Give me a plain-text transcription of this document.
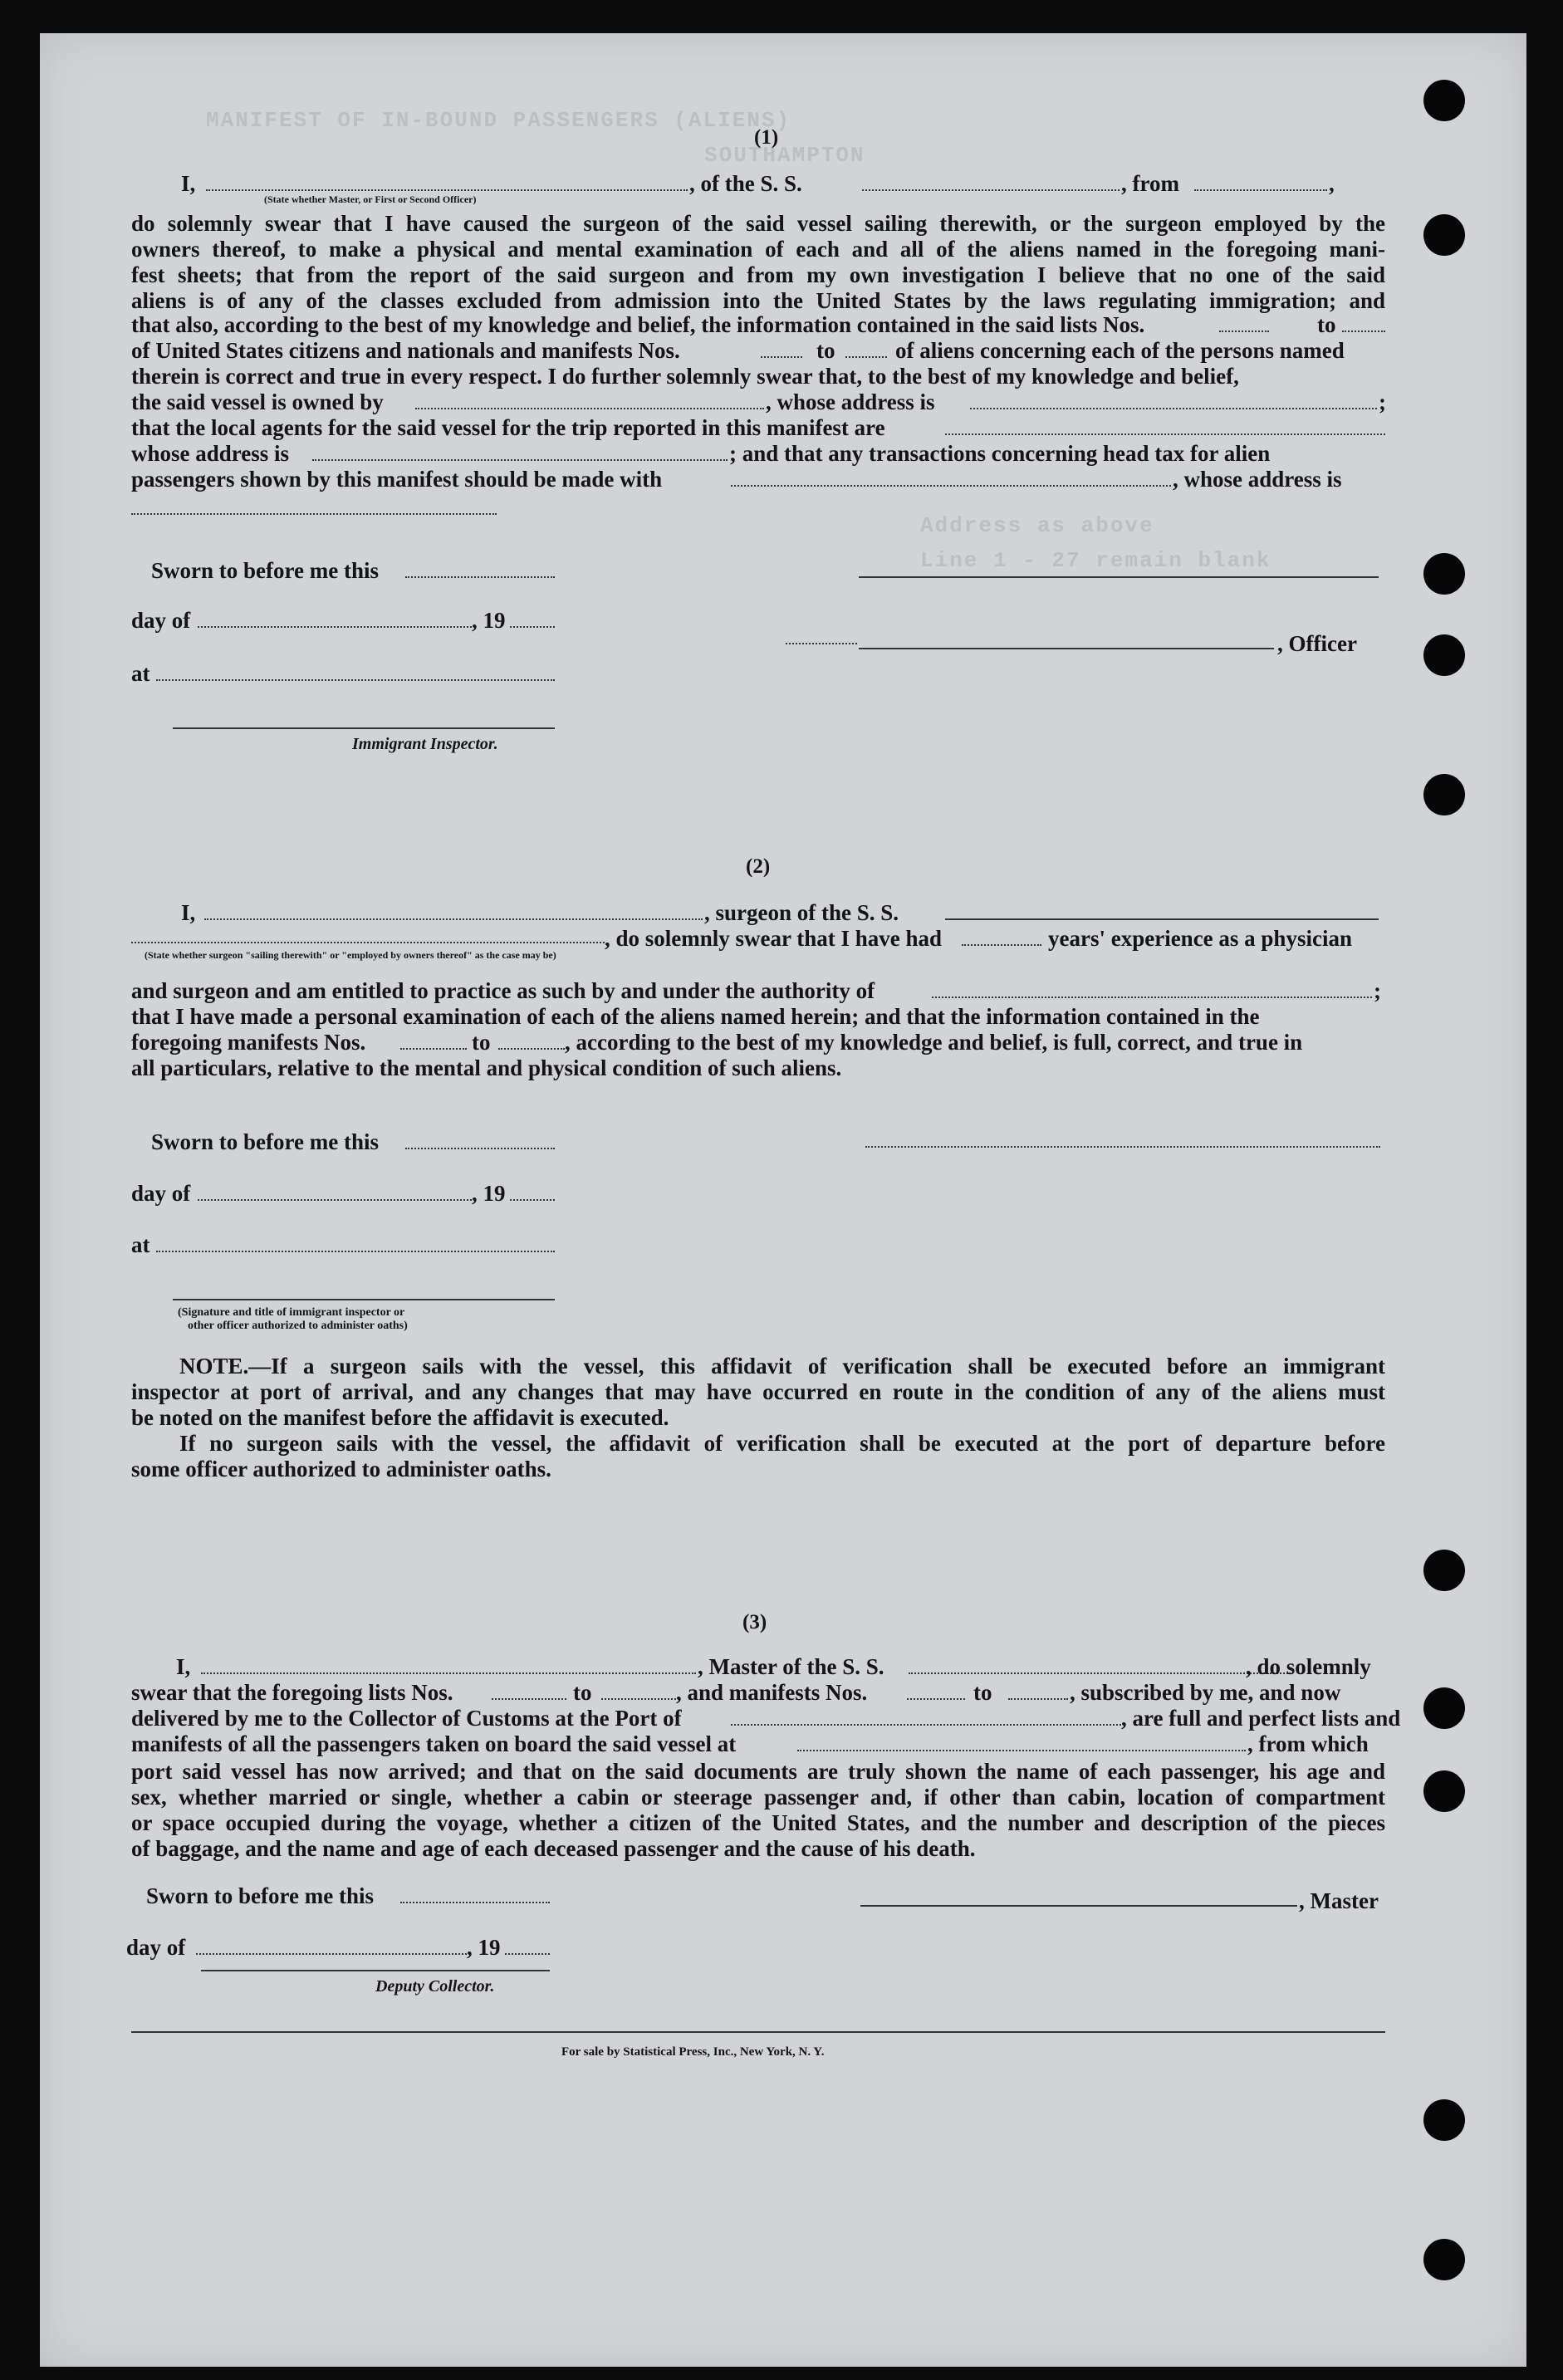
MANIFEST OF IN-BOUND PASSENGERS (ALIENS)
SOUTHAMPTON
Address as above
Line 1 - 27 remain blank
(1)
I,	, of the S. S.	, from	,
(State whether Master, or First or Second Officer)
do solemnly swear that I have caused the surgeon of the said vessel sailing therewith, or the surgeon employed by the
owners thereof, to make a physical and mental examination of each and all of the aliens named in the foregoing mani-
fest sheets; that from the report of the said surgeon and from my own investigation I believe that no one of the said
aliens is of any of the classes excluded from admission into the United States by the laws regulating immigration; and
that also, according to the best of my knowledge and belief, the information contained in the said lists Nos.	to
of United States citizens and nationals and manifests Nos.	to	of aliens concerning each of the persons named
therein is correct and true in every respect. I do further solemnly swear that, to the best of my knowledge and belief,
the said vessel is owned by	, whose address is	;
that the local agents for the said vessel for the trip reported in this manifest are
whose address is	; and that any transactions concerning head tax for alien
passengers shown by this manifest should be made with	, whose address is
Sworn to before me this
day of	, 19
, Officer
at
Immigrant Inspector.
(2)
I,	, surgeon of the S. S.
, do solemnly swear that I have had	years' experience as a physician
(State whether surgeon "sailing therewith" or "employed by owners thereof" as the case may be)
and surgeon and am entitled to practice as such by and under the authority of	;
that I have made a personal examination of each of the aliens named herein; and that the information contained in the
foregoing manifests Nos.	to	, according to the best of my knowledge and belief, is full, correct, and true in
all particulars, relative to the mental and physical condition of such aliens.
Sworn to before me this
day of	, 19
at
(Signature and title of immigrant inspector or
other officer authorized to administer oaths)
NOTE.—If a surgeon sails with the vessel, this affidavit of verification shall be executed before an immigrant
inspector at port of arrival, and any changes that may have occurred en route in the condition of any of the aliens must
be noted on the manifest before the affidavit is executed.
If no surgeon sails with the vessel, the affidavit of verification shall be executed at the port of departure before
some officer authorized to administer oaths.
(3)
I,	, Master of the S. S.	, do solemnly
swear that the foregoing lists Nos.	to	, and manifests Nos.	to	, subscribed by me, and now
delivered by me to the Collector of Customs at the Port of	, are full and perfect lists and
manifests of all the passengers taken on board the said vessel at	, from which
port said vessel has now arrived; and that on the said documents are truly shown the name of each passenger, his age and
sex, whether married or single, whether a cabin or steerage passenger and, if other than cabin, location of compartment
or space occupied during the voyage, whether a citizen of the United States, and the number and description of the pieces
of baggage, and the name and age of each deceased passenger and the cause of his death.
Sworn to before me this	, Master
day of	, 19
Deputy Collector.
For sale by Statistical Press, Inc., New York, N. Y.
